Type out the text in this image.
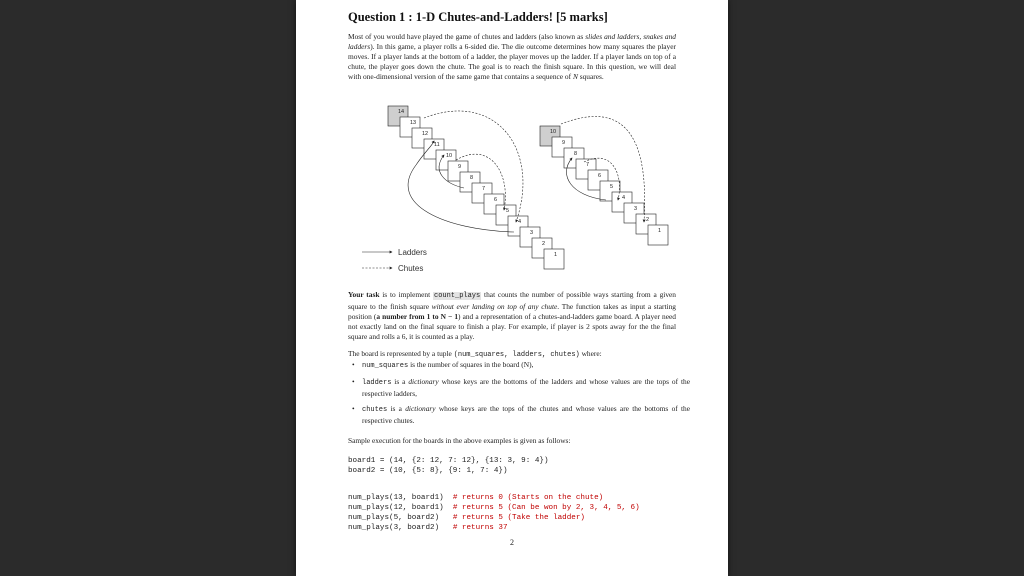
Question 1 : 1-D Chutes-and-Ladders! [5 marks]
Most of you would have played the game of chutes and ladders (also known as slides and ladders, snakes and ladders). In this game, a player rolls a 6-sided die. The die outcome determines how many squares the player moves. If a player lands at the bottom of a ladder, the player moves up the ladder. If a player lands on top of a chute, the player goes down the chute. The goal is to reach the finish square. In this question, we will deal with one-dimensional version of the same game that contains a sequence of N squares.
14
13
12
11
10
9
8
7
6
5
4
3
2
1
10
9
8
7
6
5
4
3
2
1
Ladders
Chutes
Your task is to implement count_plays that counts the number of possible ways starting from a given square to the finish square without ever landing on top of any chute. The function takes as input a starting position (a number from 1 to N − 1) and a representation of a chutes-and-ladders game board. A player need not exactly land on the final square to finish a play. For example, if player is 2 spots away for the the final square and rolls a 6, it is counted as a play.
The board is represented by a tuple (num_squares, ladders, chutes) where:
• num_squares is the number of squares in the board (N),
• ladders is a dictionary whose keys are the bottoms of the ladders and whose values are the tops of the respective ladders,
• chutes is a dictionary whose keys are the tops of the chutes and whose values are the bottoms of the respective chutes.
Sample execution for the boards in the above examples is given as follows:
board1 = (14, {2: 12, 7: 12}, {13: 3, 9: 4})
board2 = (10, {5: 8}, {9: 1, 7: 4})

num_plays(13, board1)  # returns 0 (Starts on the chute)
num_plays(12, board1)  # returns 5 (Can be won by 2, 3, 4, 5, 6)
num_plays(5, board2)   # returns 5 (Take the ladder)
num_plays(3, board2)   # returns 37
2
